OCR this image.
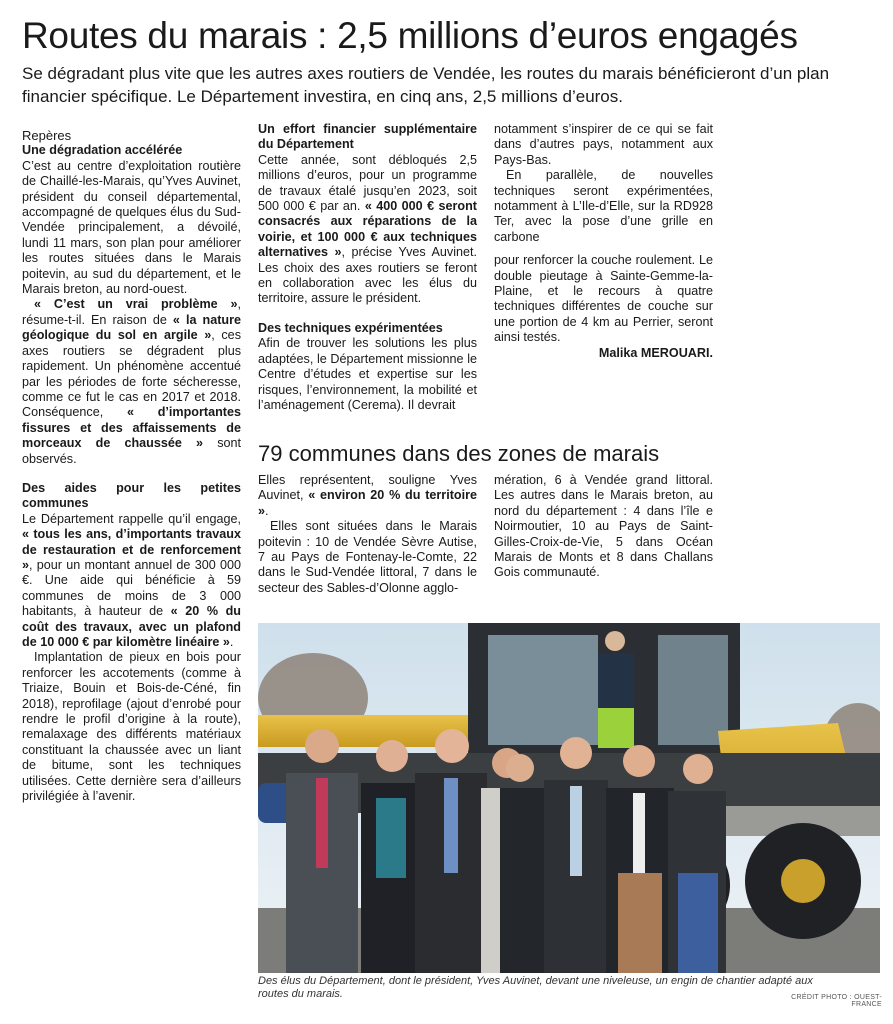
Routes du marais : 2,5 millions d’euros engagés

Se dégradant plus vite que les autres axes routiers de Vendée, les routes du marais bénéficieront d’un plan financier spécifique. Le Département investira, en cinq ans, 2,5 millions d’euros.

Repères

Une dégradation accélérée

C’est au centre d’exploitation routière de Chaillé-les-Marais, qu’Yves Auvinet, président du conseil départemental, accompagné de quelques élus du Sud-Vendée principalement, a dévoilé, lundi 11 mars, son plan pour améliorer les routes situées dans le Marais poitevin, au sud du département, et le Marais breton, au nord-ouest.

« C’est un vrai problème », résume-t-il. En raison de « la nature géologique du sol en argile », ces axes routiers se dégradent plus rapidement. Un phénomène accentué par les périodes de forte sécheresse, comme ce fut le cas en 2017 et 2018. Conséquence, « d’importantes fissures et des affaissements de morceaux de chaussée » sont observés.

Des aides pour les petites communes

Le Département rappelle qu’il engage, « tous les ans, d’importants travaux de restauration et de renforcement », pour un montant annuel de 300 000 €. Une aide qui bénéficie à 59 communes de moins de 3 000 habitants, à hauteur de « 20 % du coût des travaux, avec un plafond de 10 000 € par kilomètre linéaire ».

Implantation de pieux en bois pour renforcer les accotements (comme à Triaize, Bouin et Bois-de-Céné, fin 2018), reprofilage (ajout d’enrobé pour rendre le profil d’origine à la route), remalaxage des différents matériaux constituant la chaussée avec un liant de bitume, sont les techniques utilisées. Cette dernière sera d’ailleurs privilégiée à l’avenir.

Un effort financier supplémentaire du Département

Cette année, sont débloqués 2,5 millions d’euros, pour un programme de travaux étalé jusqu’en 2023, soit 500 000 € par an. « 400 000 € seront consacrés aux réparations de la voirie, et 100 000 € aux techniques alternatives », précise Yves Auvinet. Les choix des axes routiers se feront en collaboration avec les élus du territoire, assure le président.

Des techniques expérimentées

Afin de trouver les solutions les plus adaptées, le Département missionne le Centre d’études et expertise sur les risques, l’environnement, la mobilité et l’aménagement (Cerema). Il devrait

notamment s’inspirer de ce qui se fait dans d’autres pays, notamment aux Pays-Bas.

En parallèle, de nouvelles techniques seront expérimentées, notamment à L’Ile-d’Elle, sur la RD928 Ter, avec la pose d’une grille en carbone

pour renforcer la couche roulement. Le double pieutage à Sainte-Gemme-la-Plaine, et le recours à quatre techniques différentes de couche sur une portion de 4 km au Perrier, seront ainsi testés.

Malika MEROUARI.

79 communes dans des zones de marais

Elles représentent, souligne Yves Auvinet, « environ 20 % du territoire ».

Elles sont situées dans le Marais poitevin : 10 de Vendée Sèvre Autise, 7 au Pays de Fontenay-le-Comte, 22 dans le Sud-Vendée littoral, 7 dans le secteur des Sables-d’Olonne agglo-

mération, 6 à Vendée grand littoral. Les autres dans le Marais breton, au nord du département : 4 dans l’île e Noirmoutier, 10 au Pays de Saint-Gilles-Croix-de-Vie, 5 dans Océan Marais de Monts et 8 dans Challans Gois communauté.

Des élus du Département, dont le président, Yves Auvinet, devant une niveleuse, un engin de chantier adapté aux routes du marais.	CRÉDIT PHOTO : OUEST-FRANCE
